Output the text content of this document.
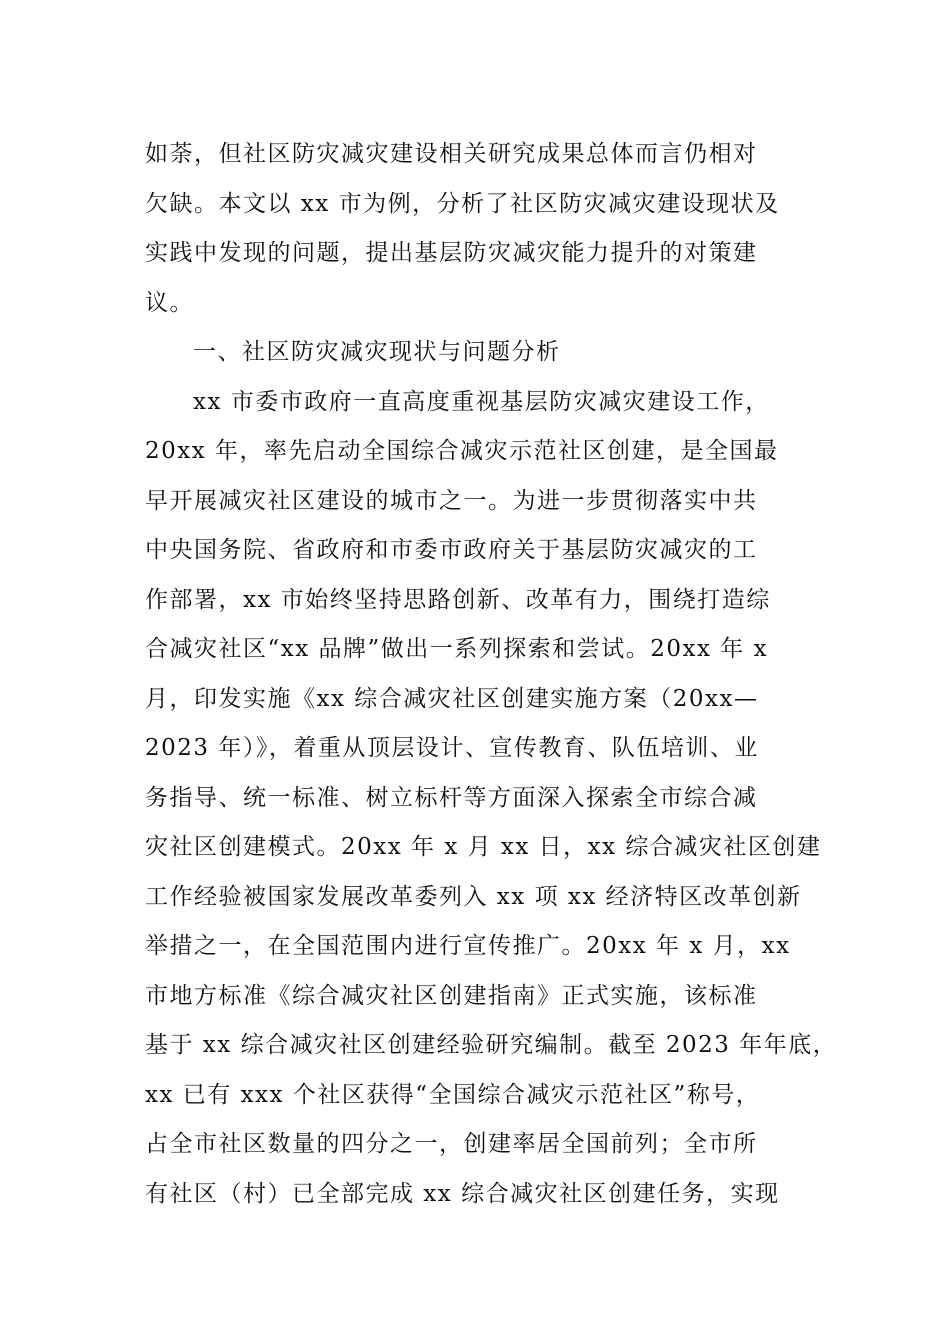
如荼，但社区防灾减灾建设相关研究成果总体而言仍相对
欠缺。本文以 xx 市为例，分析了社区防灾减灾建设现状及
实践中发现的问题，提出基层防灾减灾能力提升的对策建
议。
一、社区防灾减灾现状与问题分析
xx 市委市政府一直高度重视基层防灾减灾建设工作，
20xx 年，率先启动全国综合减灾示范社区创建，是全国最
早开展减灾社区建设的城市之一。为进一步贯彻落实中共
中央国务院、省政府和市委市政府关于基层防灾减灾的工
作部署，xx 市始终坚持思路创新、改革有力，围绕打造综
合减灾社区“xx 品牌”做出一系列探索和尝试。20xx 年 x
月，印发实施《xx 综合减灾社区创建实施方案（20xx—
2023 年）》，着重从顶层设计、宣传教育、队伍培训、业
务指导、统一标准、树立标杆等方面深入探索全市综合减
灾社区创建模式。20xx 年 x 月 xx 日，xx 综合减灾社区创建
工作经验被国家发展改革委列入 xx 项 xx 经济特区改革创新
举措之一，在全国范围内进行宣传推广。20xx 年 x 月，xx
市地方标准《综合减灾社区创建指南》正式实施，该标准
基于 xx 综合减灾社区创建经验研究编制。截至 2023 年年底，
xx 已有 xxx 个社区获得“全国综合减灾示范社区”称号，
占全市社区数量的四分之一，创建率居全国前列；全市所
有社区（村）已全部完成 xx 综合减灾社区创建任务，实现
